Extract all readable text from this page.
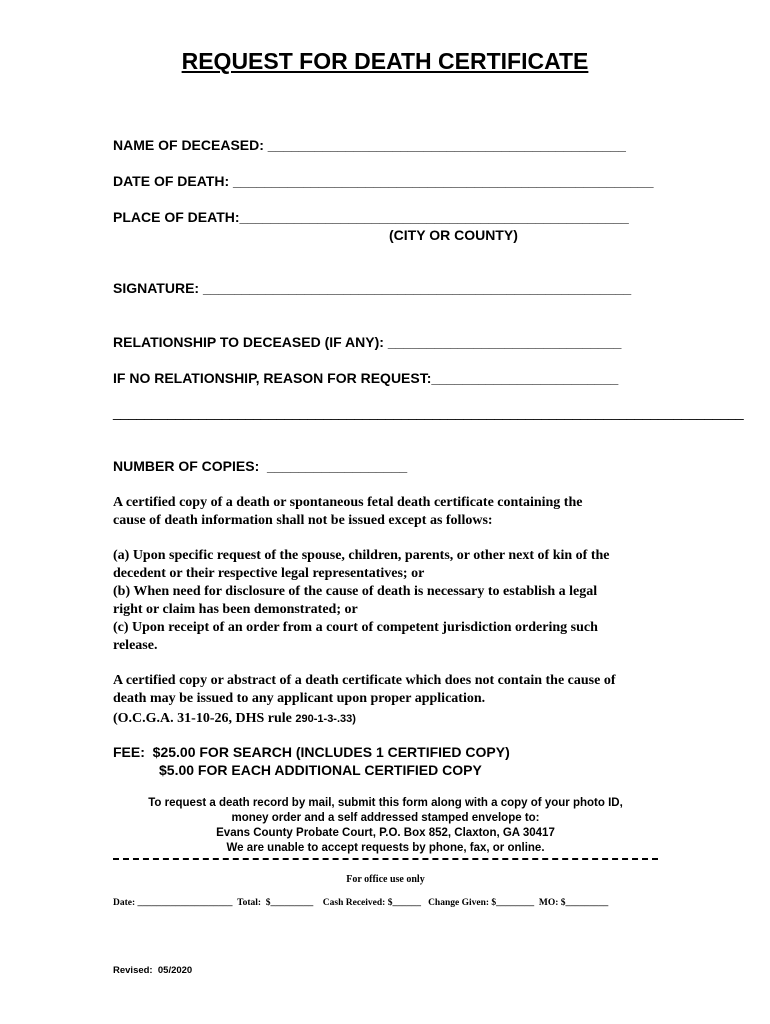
REQUEST FOR DEATH CERTIFICATE
NAME OF DECEASED: ______________________________________________
DATE OF DEATH: ______________________________________________________
PLACE OF DEATH:__________________________________________________
(CITY OR COUNTY)
SIGNATURE: _______________________________________________________
RELATIONSHIP TO DECEASED (IF ANY): ______________________________
IF NO RELATIONSHIP, REASON FOR REQUEST:________________________
_________________________________________________________________________________
NUMBER OF COPIES:  __________________
A certified copy of a death or spontaneous fetal death certificate containing the
cause of death information shall not be issued except as follows:
(a) Upon specific request of the spouse, children, parents, or other next of kin of the
decedent or their respective legal representatives; or
(b) When need for disclosure of the cause of death is necessary to establish a legal
right or claim has been demonstrated; or
(c) Upon receipt of an order from a court of competent jurisdiction ordering such
release.
A certified copy or abstract of a death certificate which does not contain the cause of
death may be issued to any applicant upon proper application.
(O.C.G.A. 31-10-26, DHS rule 290-1-3-.33)
FEE:  $25.00 FOR SEARCH (INCLUDES 1 CERTIFIED COPY)
$5.00 FOR EACH ADDITIONAL CERTIFIED COPY
To request a death record by mail, submit this form along with a copy of your photo ID,
money order and a self addressed stamped envelope to:
Evans County Probate Court, P.O. Box 852, Claxton, GA 30417
We are unable to accept requests by phone, fax, or online.
For office use only
Date: ____________________  Total:  $_________    Cash Received: $______   Change Given: $________  MO: $_________
Revised:  05/2020
